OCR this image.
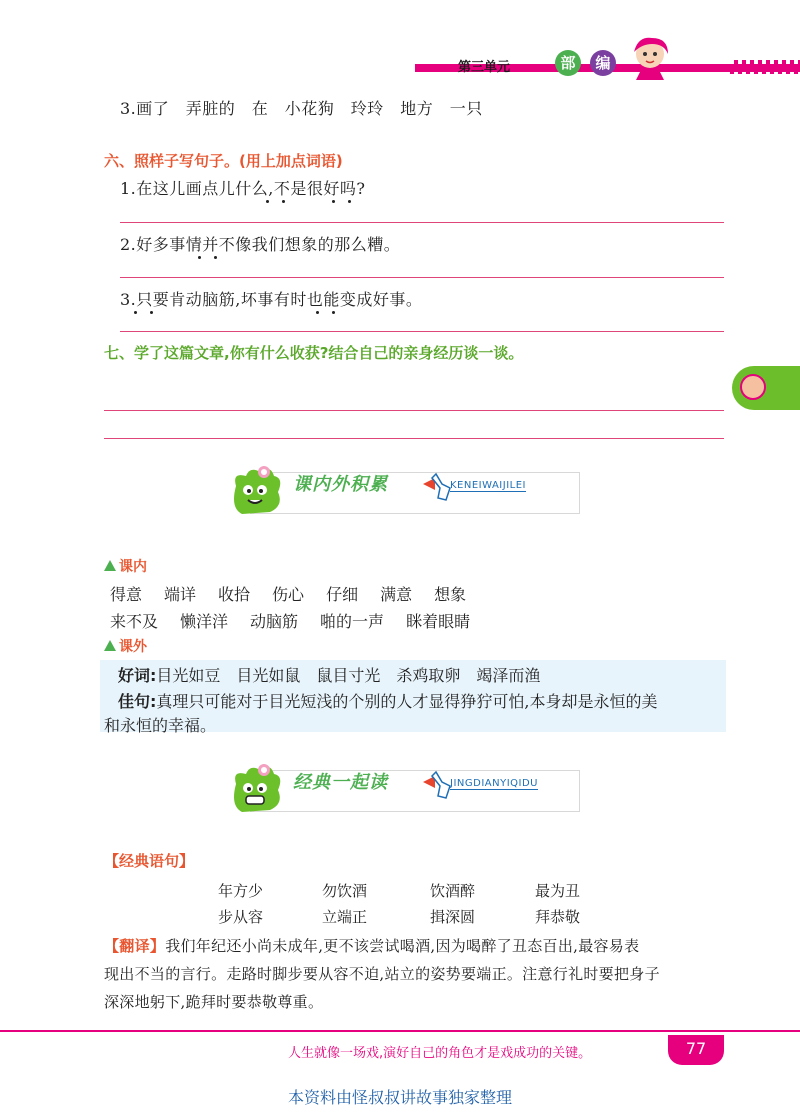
第三单元	部	编
3.画了　弄脏的　在　小花狗　玲玲　地方　一只
六、照样子写句子。(用上加点词语)
1.在这儿画点儿什么,不是很好吗?
2.好多事情并不像我们想象的那么糟。
3.只要肯动脑筋,坏事有时也能变成好事。
七、学了这篇文章,你有什么收获?结合自己的亲身经历谈一谈。
课内外积累	KENEIWAIJILEI
课内
得意 端详 收拾 伤心 仔细 满意 想象
来不及 懒洋洋 动脑筋 啪的一声 眯着眼睛
课外
好词:目光如豆　目光如鼠　鼠目寸光　杀鸡取卵　竭泽而渔
佳句:真理只可能对于目光短浅的个别的人才显得狰狞可怕,本身却是永恒的美
和永恒的幸福。
经典一起读	JINGDIANYIQIDU
【经典语句】
年方少	勿饮酒	饮酒醉	最为丑
步从容	立端正	揖深圆	拜恭敬
【翻译】我们年纪还小尚未成年,更不该尝试喝酒,因为喝醉了丑态百出,最容易表
现出不当的言行。走路时脚步要从容不迫,站立的姿势要端正。注意行礼时要把身子
深深地躬下,跪拜时要恭敬尊重。
人生就像一场戏,演好自己的角色才是戏成功的关键。	77
本资料由怪叔叔讲故事独家整理
